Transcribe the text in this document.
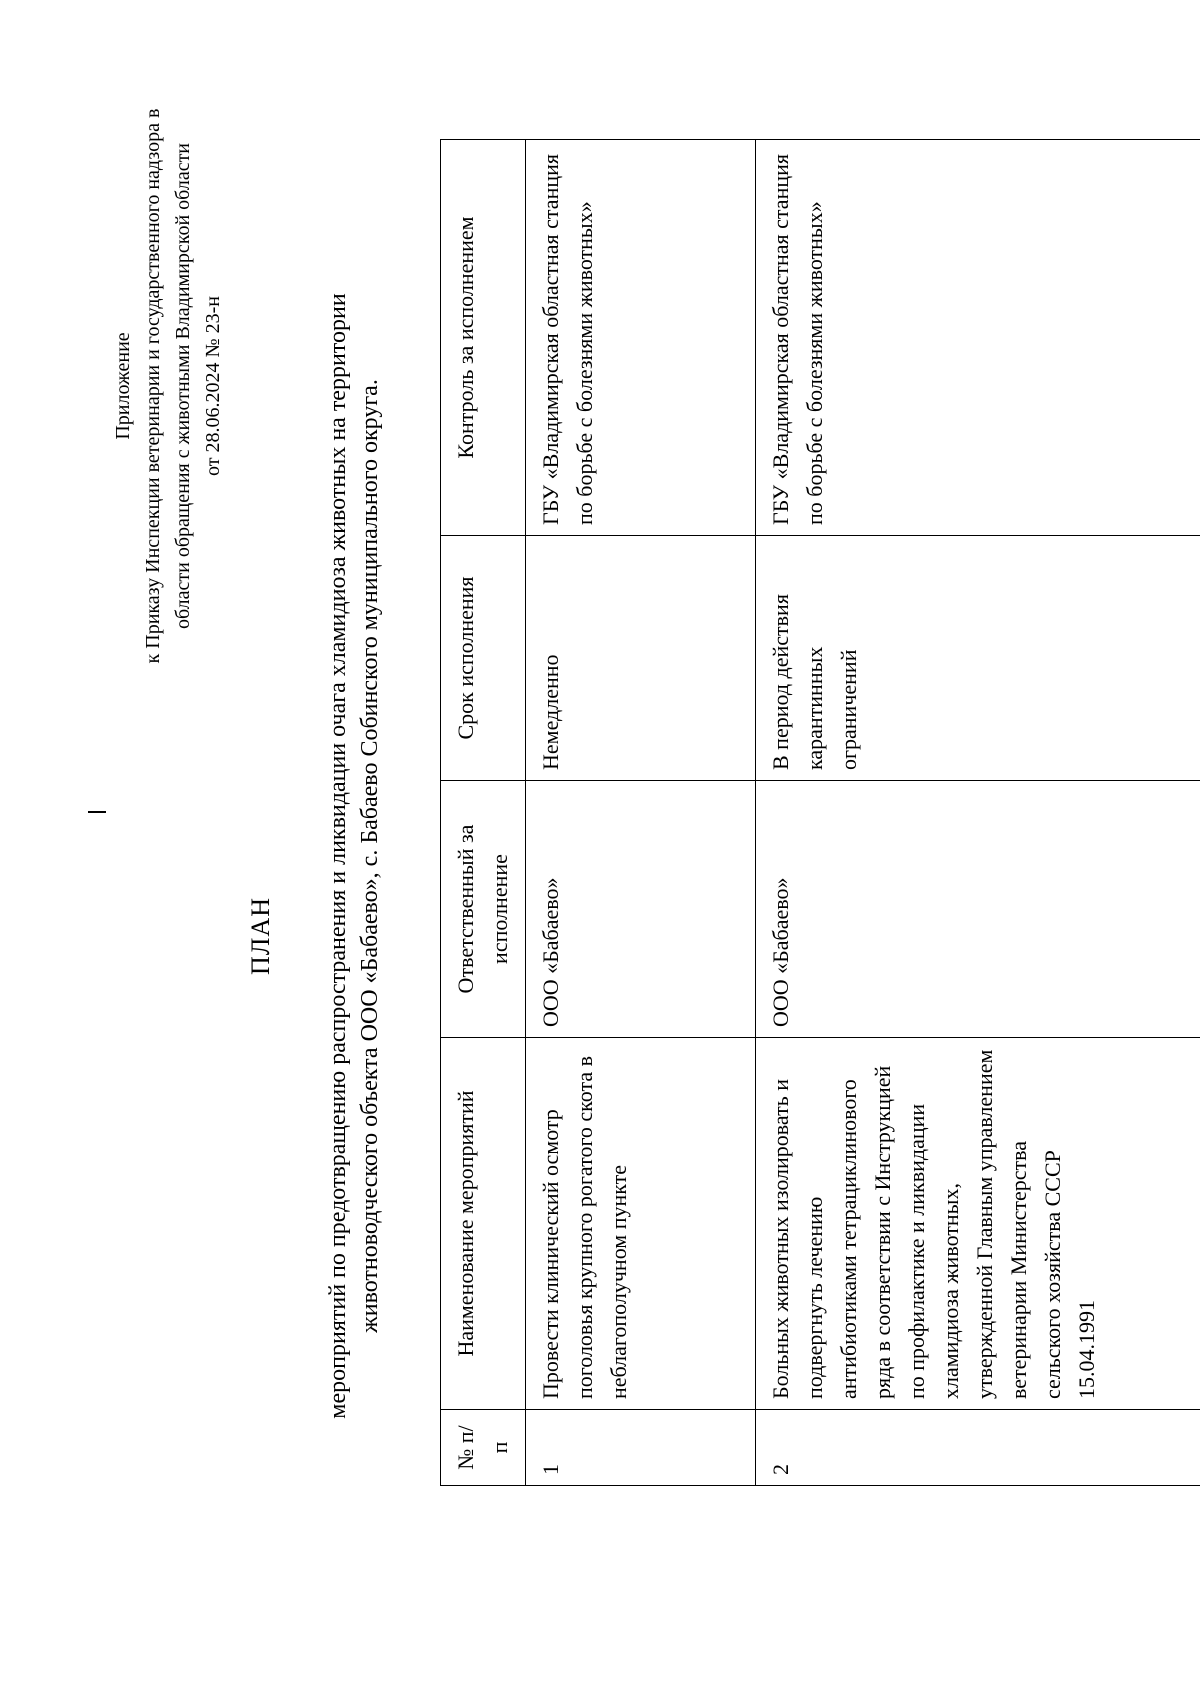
Приложение к Приказу Инспекции ветеринарии и государственного надзора в области обращения с животными Владимирской области от 28.06.2024 № 23-н
ПЛАН мероприятий по предотвращению распространения и ликвидации очага хламидиоза животных на территории животноводческого объекта ООО «Бабаево», с. Бабаево Собинского муниципального округа.
№ п/п	Наименование мероприятий	Ответственный за исполнение	Срок исполнения	Контроль за исполнением
1	Провести клинический осмотр поголовья крупного рогатого скота в неблагополучном пункте	ООО «Бабаево»	Немедленно	ГБУ «Владимирская областная станция по борьбе с болезнями животных»
2	Больных животных изолировать и подвергнуть лечению антибиотиками тетрациклинового ряда в соответствии с Инструкцией по профилактике и ликвидации хламидиоза животных, утвержденной Главным управлением ветеринарии Министерства сельского хозяйства СССР 15.04.1991	ООО «Бабаево»	В период действия карантинных ограничений	ГБУ «Владимирская областная станция по борьбе с болезнями животных»
